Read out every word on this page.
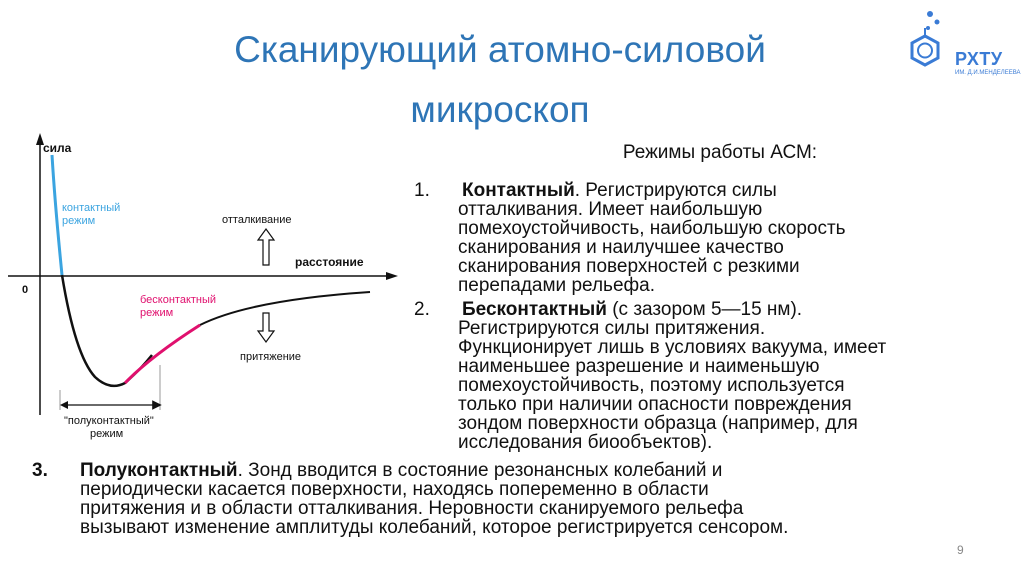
Сканирующий атомно-силовой
микроскоп
РХТУ
ИМ. Д.И.МЕНДЕЛЕЕВА
сила
0
расстояние
контактный
режим
бесконтактный
режим
отталкивание
притяжение
"полуконтактный"
режим
Режимы работы АСМ:
1. Контактный. Регистрируются силы
отталкивания. Имеет наибольшую
помехоустойчивость, наибольшую скорость
сканирования и наилучшее качество
сканирования поверхностей с резкими
перепадами рельефа.
2. Бесконтактный (с зазором 5—15 нм).
Регистрируются силы притяжения.
Функционирует лишь в условиях вакуума, имеет
наименьшее разрешение и наименьшую
помехоустойчивость, поэтому используется
только при наличии опасности повреждения
зондом поверхности образца (например, для
исследования биообъектов).
3. Полуконтактный. Зонд вводится в состояние резонансных колебаний и
периодически касается поверхности, находясь попеременно в области
притяжения и в области отталкивания. Неровности сканируемого рельефа
вызывают изменение амплитуды колебаний, которое регистрируется сенсором.
9
